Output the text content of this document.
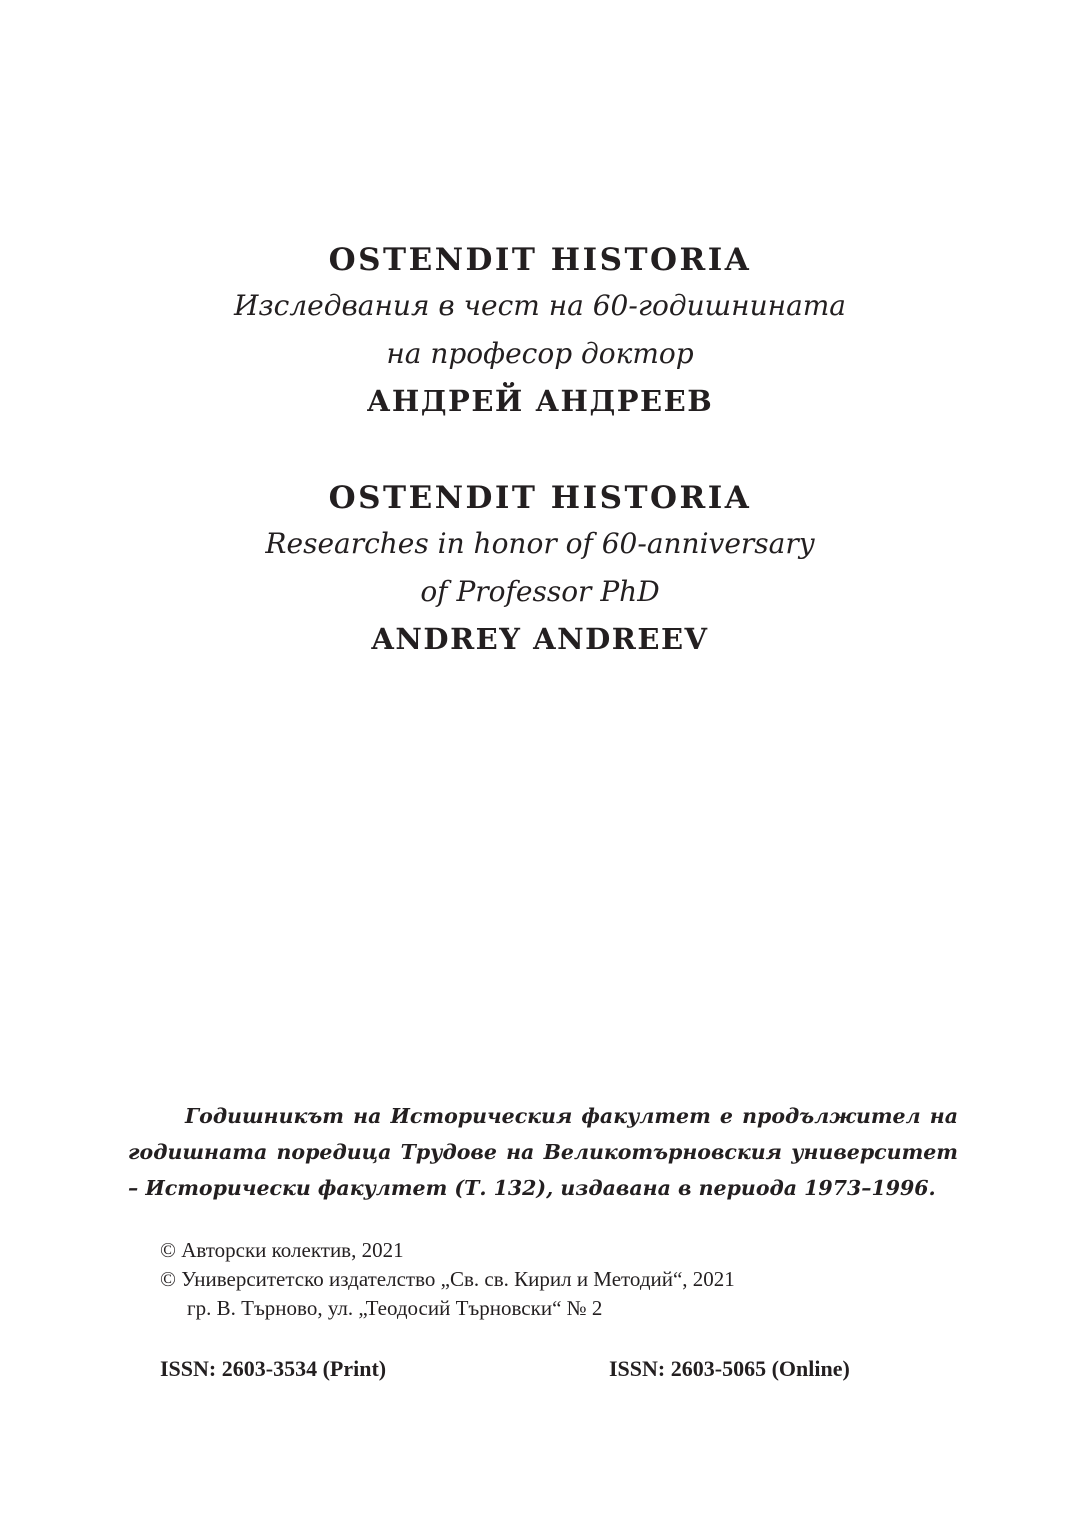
OSTENDIT HISTORIA

Изследвания в чест на 60-годишнината

на професор доктор

АНДРЕЙ АНДРЕЕВ

OSTENDIT HISTORIA

Researches in honor of 60-anniversary

of Professor PhD

ANDREY ANDREEV

Годишникът на Историческия факултет е продължител на годишната поредица Трудове на Великотърновския университет – Исторически факултет (Т. 132), издавана в периода 1973–1996.

© Авторски колектив, 2021
© Университетско издателство „Св. св. Кирил и Методий“, 2021
гр. В. Търново, ул. „Теодосий Търновски“ № 2
ISSN: 2603-3534 (Print)	ISSN: 2603-5065 (Online)
